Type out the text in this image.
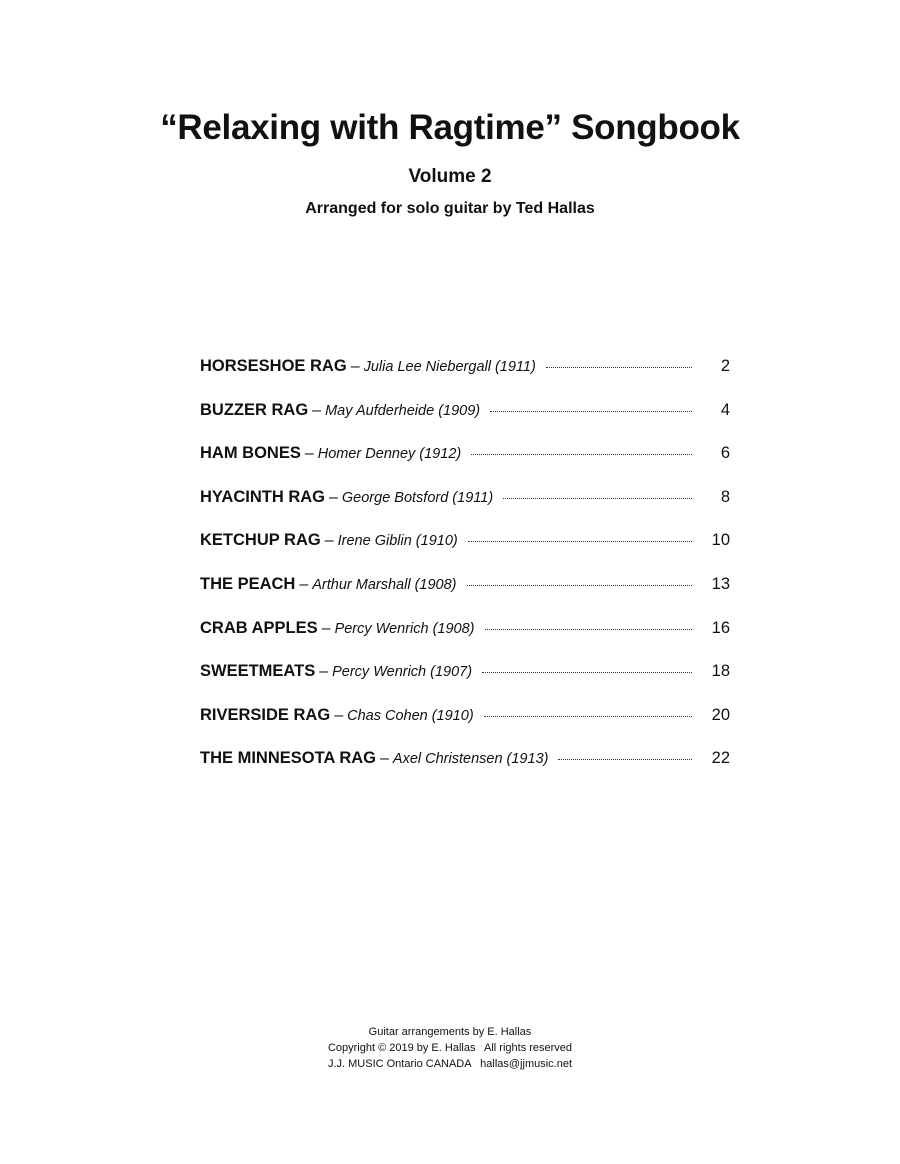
“Relaxing with Ragtime” Songbook
Volume 2
Arranged for solo guitar by Ted Hallas
HORSESHOE RAG – Julia Lee Niebergall (1911)	2
BUZZER RAG – May Aufderheide (1909)	4
HAM BONES – Homer Denney (1912)	6
HYACINTH RAG – George Botsford (1911)	8
KETCHUP RAG – Irene Giblin (1910)	10
THE PEACH – Arthur Marshall (1908)	13
CRAB APPLES – Percy Wenrich (1908)	16
SWEETMEATS – Percy Wenrich (1907)	18
RIVERSIDE RAG – Chas Cohen (1910)	20
THE MINNESOTA RAG – Axel Christensen (1913)	22
Guitar arrangements by E. Hallas
Copyright © 2019 by E. Hallas   All rights reserved
J.J. MUSIC Ontario CANADA   hallas@jjmusic.net
